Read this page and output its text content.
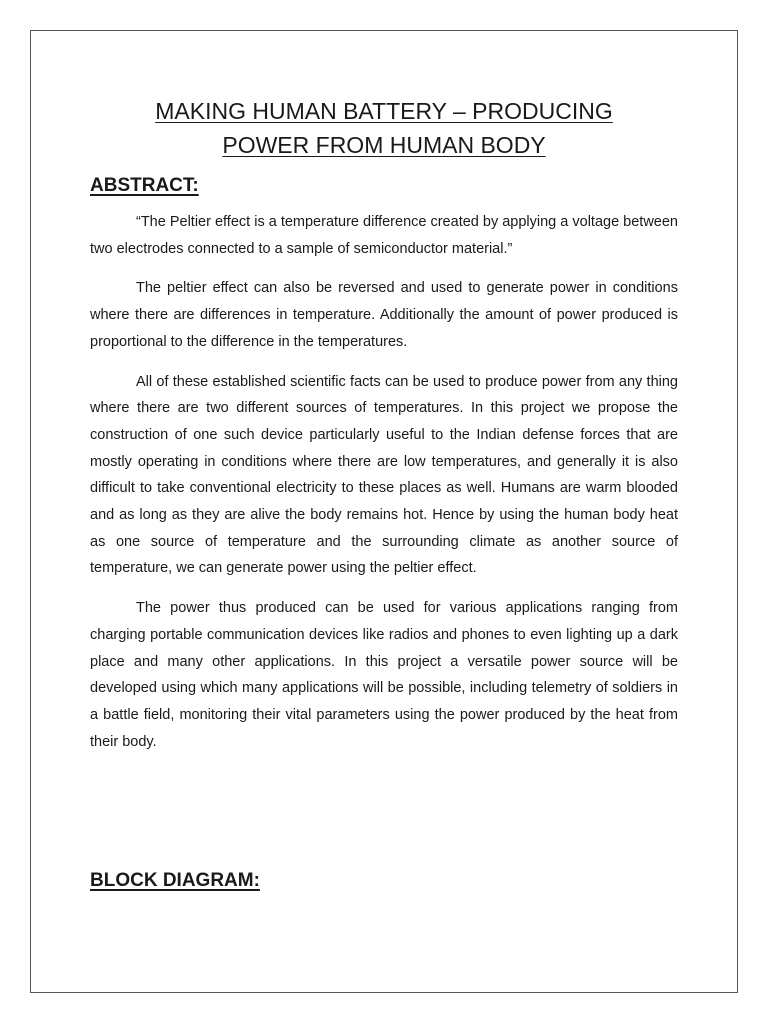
MAKING HUMAN BATTERY – PRODUCING
POWER FROM HUMAN BODY
ABSTRACT:

“The Peltier effect is a temperature difference created by applying a voltage between two electrodes connected to a sample of semiconductor material.”

The peltier effect can also be reversed and used to generate power in conditions where there are differences in temperature. Additionally the amount of power produced is proportional to the difference in the temperatures.

All of these established scientific facts can be used to produce power from any thing where there are two different sources of temperatures. In this project we propose the construction of one such device particularly useful to the Indian defense forces that are mostly operating in conditions where there are low temperatures, and generally it is also difficult to take conventional electricity to these places as well. Humans are warm blooded and as long as they are alive the body remains hot. Hence by using the human body heat as one source of temperature and the surrounding climate as another source of temperature, we can generate power using the peltier effect.

The power thus produced can be used for various applications ranging from charging portable communication devices like radios and phones to even lighting up a dark place and many other applications. In this project a versatile power source will be developed using which many applications will be possible, including telemetry of soldiers in a battle field, monitoring their vital parameters using the power produced by the heat from their body.

BLOCK DIAGRAM:
